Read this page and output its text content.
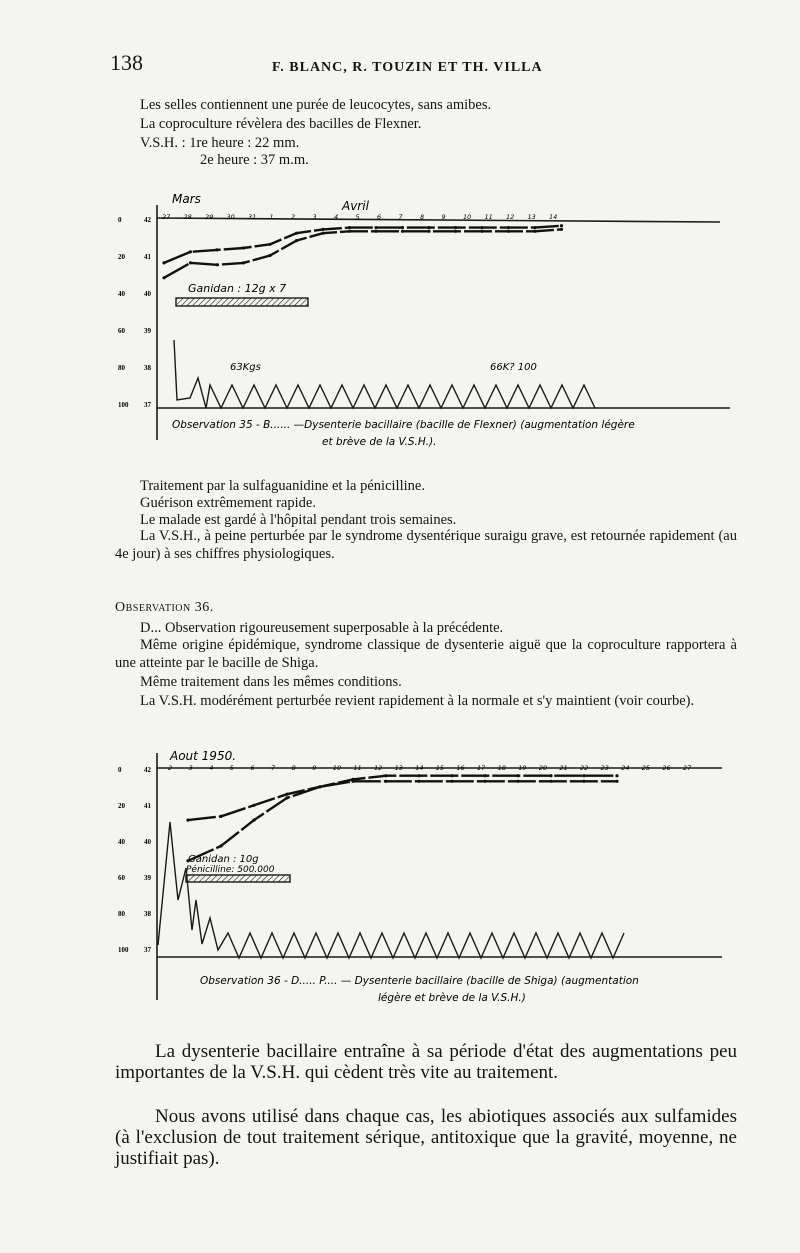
138	F. BLANC, R. TOUZIN ET TH. VILLA
Les selles contiennent une purée de leucocytes, sans amibes.
La coproculture révèlera des bacilles de Flexner.
V.S.H. : 1re heure : 22 mm.
2e heure : 37 m.m.
Mars	Avril
27 28 29 30 31 1	2	3	4	5	6	7	8	9	10 11 12 13 14
0
20
40
60
80
100
42
41
40
39
38
37
Ganidan : 12g x 7
63Kgs	66K? 100
Observation 35 - B...... —Dysenterie bacillaire (bacille de Flexner) (augmentation légère
et brève de la V.S.H.).
Traitement par la sulfaguanidine et la pénicilline.
Guérison extrêmement rapide.
Le malade est gardé à l'hôpital pendant trois semaines.
La V.S.H., à peine perturbée par le syndrome dysentérique suraigu grave, est retournée rapidement (au 4e jour) à ses chiffres physiologiques.
Observation 36.
D... Observation rigoureusement superposable à la précédente.
Même origine épidémique, syndrome classique de dysenterie aiguë que la coproculture rapportera à une atteinte par le bacille de Shiga.
Même traitement dans les mêmes conditions.
La V.S.H. modérément perturbée revient rapidement à la normale et s'y maintient (voir courbe).
Aout 1950.
2	3	4	5	6	7	8	9	10 11 12 13 14 15 16 17 18 19 20 21 22 23 24 25 26 27
0
20
40
60
80
100
42
41
40
39
38
37
Ganidan : 10g
Pénicilline: 500.000
Observation 36 - D..... P.... — Dysenterie bacillaire (bacille de Shiga) (augmentation
légère et brève de la V.S.H.)
La dysenterie bacillaire entraîne à sa période d'état des augmentations peu importantes de la V.S.H. qui cèdent très vite au traitement.
Nous avons utilisé dans chaque cas, les abiotiques associés aux sulfamides (à l'exclusion de tout traitement sérique, antitoxique que la gravité, moyenne, ne justifiait pas).
